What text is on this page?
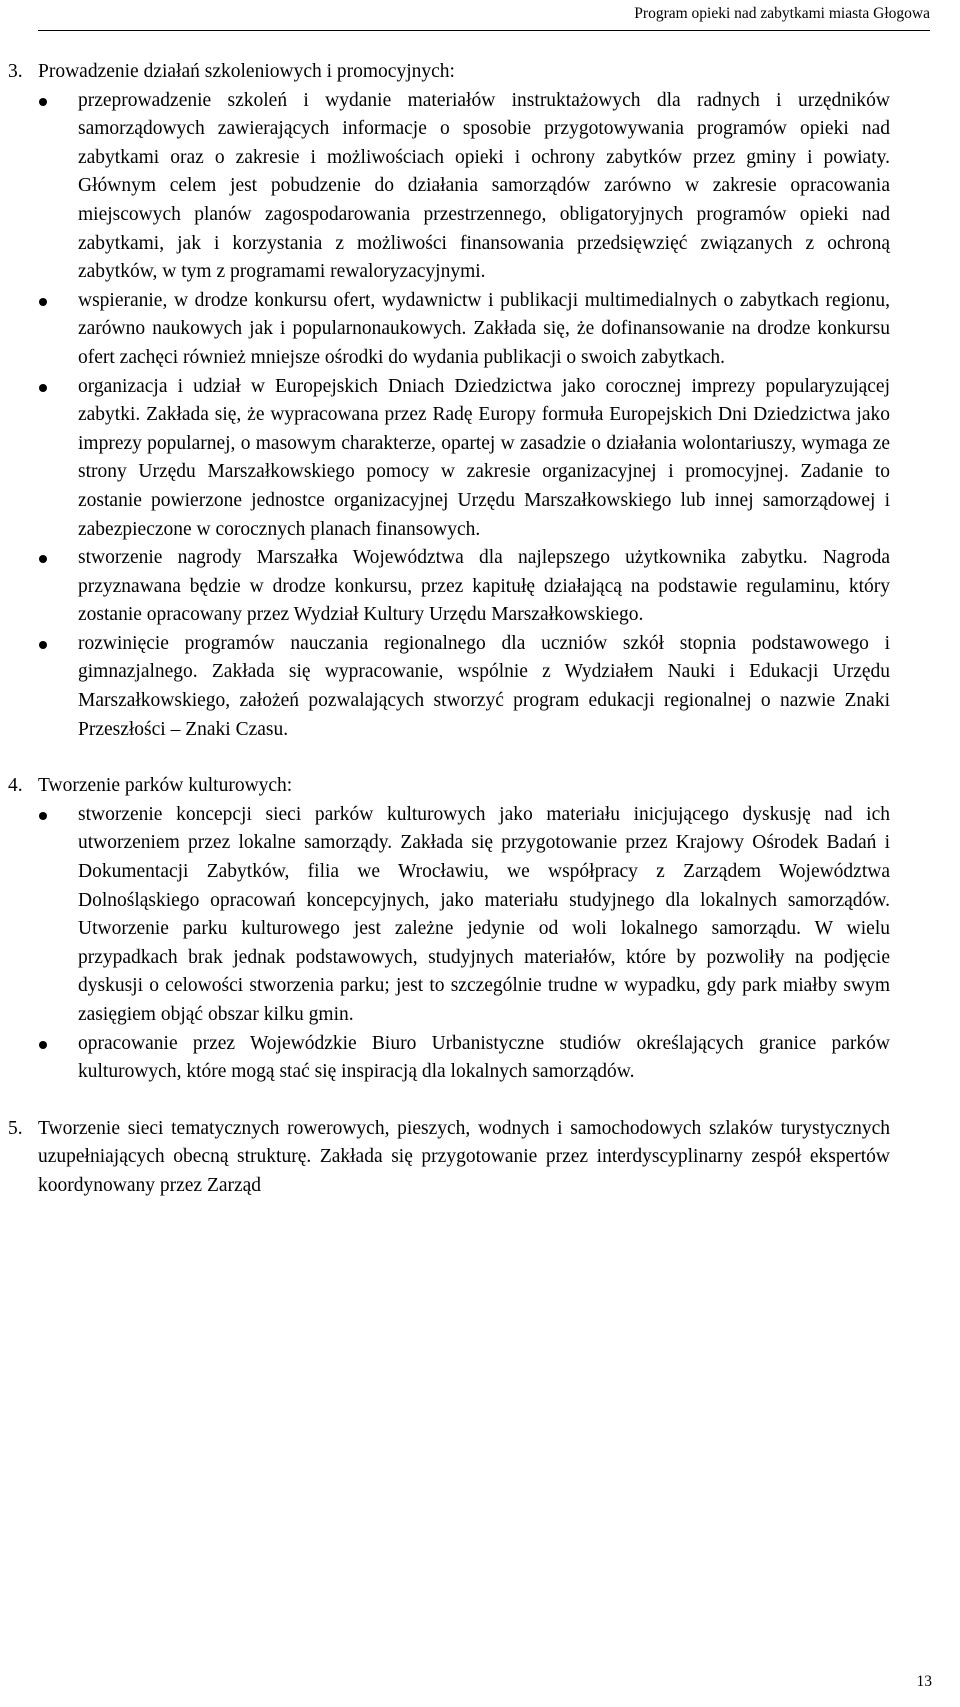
Program opieki nad zabytkami miasta Głogowa
3. Prowadzenie działań szkoleniowych i promocyjnych:
przeprowadzenie szkoleń i wydanie materiałów instruktażowych dla radnych i urzędników samorządowych zawierających informacje o sposobie przygotowywania programów opieki nad zabytkami oraz o zakresie i możliwościach opieki i ochrony zabytków przez gminy i powiaty. Głównym celem jest pobudzenie do działania samorządów zarówno w zakresie opracowania miejscowych planów zagospodarowania przestrzennego, obligatoryjnych programów opieki nad zabytkami, jak i korzystania z możliwości finansowania przedsięwzięć związanych z ochroną zabytków, w tym z programami rewaloryzacyjnymi.
wspieranie, w drodze konkursu ofert, wydawnictw i publikacji multimedialnych o zabytkach regionu, zarówno naukowych jak i popularnonaukowych. Zakłada się, że dofinansowanie na drodze konkursu ofert zachęci również mniejsze ośrodki do wydania publikacji o swoich zabytkach.
organizacja i udział w Europejskich Dniach Dziedzictwa jako corocznej imprezy popularyzującej zabytki. Zakłada się, że wypracowana przez Radę Europy formuła Europejskich Dni Dziedzictwa jako imprezy popularnej, o masowym charakterze, opartej w zasadzie o działania wolontariuszy, wymaga ze strony Urzędu Marszałkowskiego pomocy w zakresie organizacyjnej i promocyjnej. Zadanie to zostanie powierzone jednostce organizacyjnej Urzędu Marszałkowskiego lub innej samorządowej i zabezpieczone w corocznych planach finansowych.
stworzenie nagrody Marszałka Województwa dla najlepszego użytkownika zabytku. Nagroda przyznawana będzie w drodze konkursu, przez kapitułę działającą na podstawie regulaminu, który zostanie opracowany przez Wydział Kultury Urzędu Marszałkowskiego.
rozwinięcie programów nauczania regionalnego dla uczniów szkół stopnia podstawowego i gimnazjalnego. Zakłada się wypracowanie, wspólnie z Wydziałem Nauki i Edukacji Urzędu Marszałkowskiego, założeń pozwalających stworzyć program edukacji regionalnej o nazwie Znaki Przeszłości – Znaki Czasu.
4. Tworzenie parków kulturowych:
stworzenie koncepcji sieci parków kulturowych jako materiału inicjującego dyskusję nad ich utworzeniem przez lokalne samorządy. Zakłada się przygotowanie przez Krajowy Ośrodek Badań i Dokumentacji Zabytków, filia we Wrocławiu, we współpracy z Zarządem Województwa Dolnośląskiego opracowań koncepcyjnych, jako materiału studyjnego dla lokalnych samorządów. Utworzenie parku kulturowego jest zależne jedynie od woli lokalnego samorządu. W wielu przypadkach brak jednak podstawowych, studyjnych materiałów, które by pozwoliły na podjęcie dyskusji o celowości stworzenia parku; jest to szczególnie trudne w wypadku, gdy park miałby swym zasięgiem objąć obszar kilku gmin.
opracowanie przez Wojewódzkie Biuro Urbanistyczne studiów określających granice parków kulturowych, które mogą stać się inspiracją dla lokalnych samorządów.
5. Tworzenie sieci tematycznych rowerowych, pieszych, wodnych i samochodowych szlaków turystycznych uzupełniających obecną strukturę. Zakłada się przygotowanie przez interdyscyplinarny zespół ekspertów koordynowany przez Zarząd
13
